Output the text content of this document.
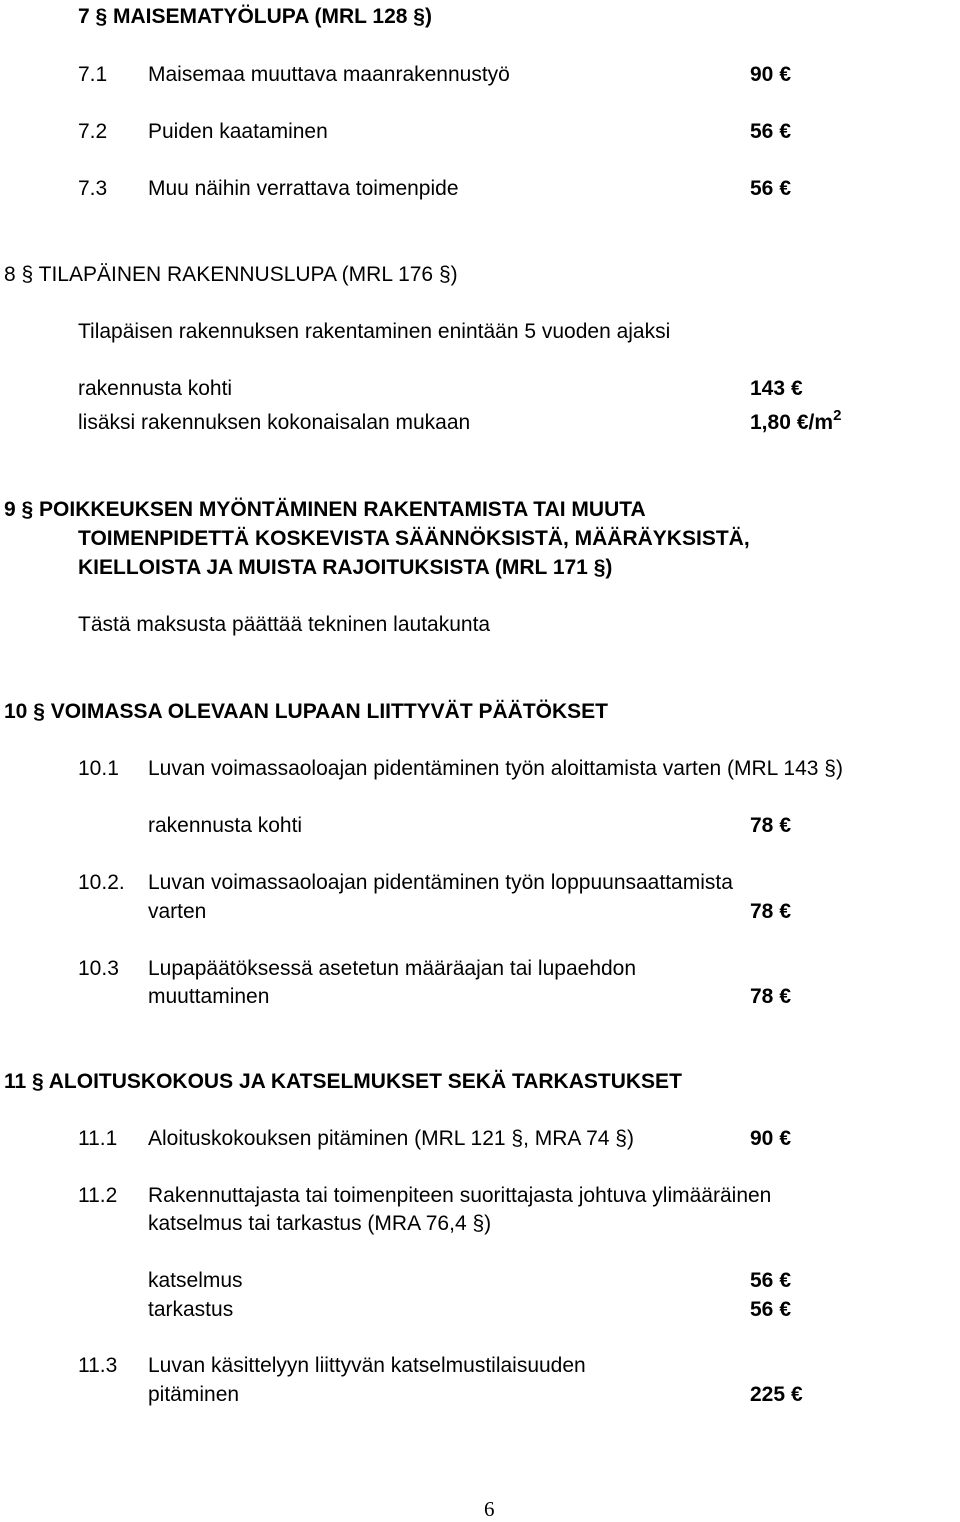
7 § MAISEMATYÖLUPA (MRL 128 §)
7.1 Maisemaa muuttava maanrakennustyö	90 €
7.2 Puiden kaataminen	56 €
7.3 Muu näihin verrattava toimenpide	56 €
8 § TILAPÄINEN RAKENNUSLUPA (MRL 176 §)
Tilapäisen rakennuksen rakentaminen enintään 5 vuoden ajaksi
rakennusta kohti	143 €
lisäksi rakennuksen kokonaisalan mukaan	1,80 $€/m^2$
9 § POIKKEUKSEN MYÖNTÄMINEN RAKENTAMISTA TAI MUUTA
TOIMENPIDETTÄ KOSKEVISTA SÄÄNNÖKSISTÄ, MÄÄRÄYKSISTÄ,
KIELLOISTA JA MUISTA RAJOITUKSISTA (MRL 171 §)
Tästä maksusta päättää tekninen lautakunta
10 § VOIMASSA OLEVAAN LUPAAN LIITTYVÄT PÄÄTÖKSET
10.1 Luvan voimassaoloajan pidentäminen työn aloittamista varten (MRL 143 §)
rakennusta kohti	78 €
10.2. Luvan voimassaoloajan pidentäminen työn loppuunsaattamista
varten	78 €
10.3 Lupapäätöksessä asetetun määräajan tai lupaehdon
muuttaminen	78 €
11 § ALOITUSKOKOUS JA KATSELMUKSET SEKÄ TARKASTUKSET
11.1 Aloituskokouksen pitäminen (MRL 121 §, MRA 74 §)	90 €
11.2 Rakennuttajasta tai toimenpiteen suorittajasta johtuva ylimääräinen
katselmus tai tarkastus (MRA 76,4 §)
katselmus	56 €
tarkastus	56 €
11.3 Luvan käsittelyyn liittyvän katselmustilaisuuden
pitäminen	225 €
6
